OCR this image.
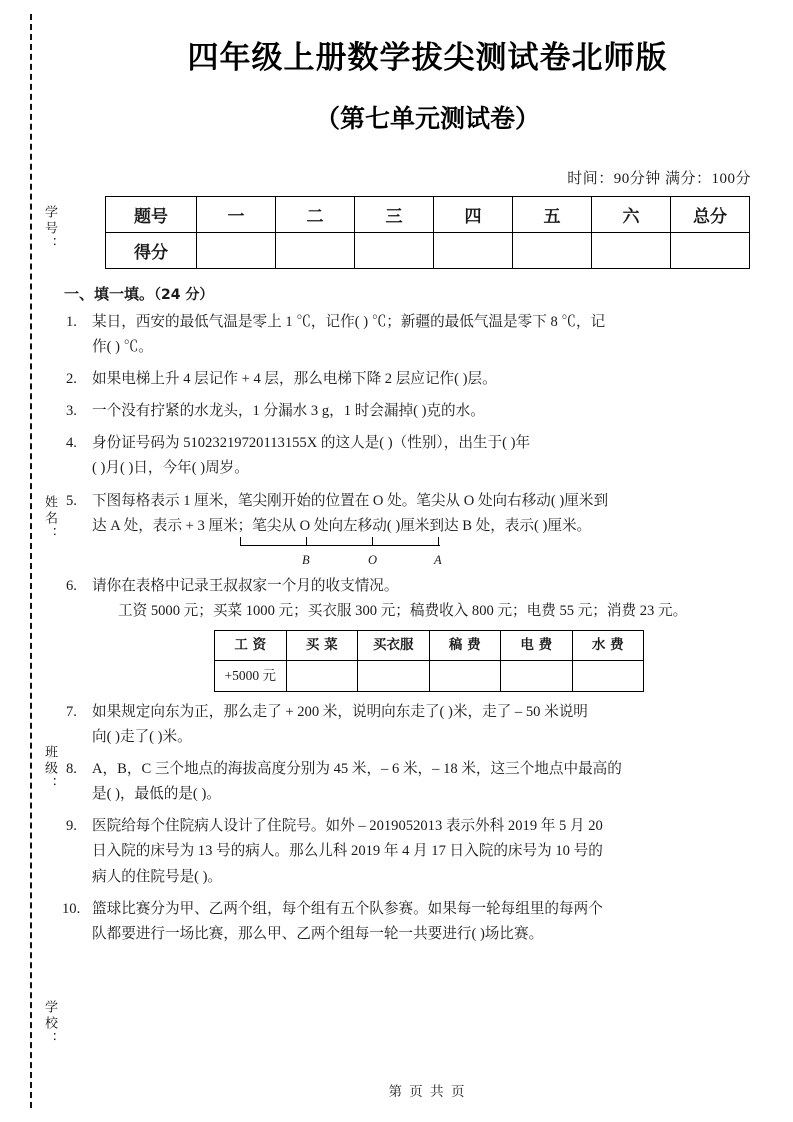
学号：
姓名：
班级：
学校：
四年级上册数学拔尖测试卷北师版
（第七单元测试卷）
时间：90分钟 满分：100分
题号	一	二	三	四	五	六	总分
得分							
一、填一填。（24 分）
1. 某日，西安的最低气温是零上 1 ℃，记作( ) ℃；新疆的最低气温是零下 8 ℃，记
作( ) ℃。
2. 如果电梯上升 4 层记作 + 4 层，那么电梯下降 2 层应记作( )层。
3. 一个没有拧紧的水龙头，1 分漏水 3 g，1 时会漏掉( )克的水。
4. 身份证号码为 51023219720113155X 的这人是( )（性别），出生于( )年
( )月( )日，今年( )周岁。
5. 下图每格表示 1 厘米，笔尖刚开始的位置在 O 处。笔尖从 O 处向右移动( )厘米到
达 A 处，表示 + 3 厘米；笔尖从 O 处向左移动( )厘米到达 B 处，表示( )厘米。
B	O	A
6. 请你在表格中记录王叔叔家一个月的收支情况。
工资 5000 元；买菜 1000 元；买衣服 300 元；稿费收入 800 元；电费 55 元；消费 23 元。
工 资	买 菜	买衣服	稿 费	电 费	水 费
+5000 元					
7. 如果规定向东为正，那么走了 + 200 米，说明向东走了( )米，走了 – 50 米说明
向( )走了( )米。
8. A，B，C 三个地点的海拔高度分别为 45 米，– 6 米，– 18 米，这三个地点中最高的
是( )，最低的是( )。
9. 医院给每个住院病人设计了住院号。如外 – 2019052013 表示外科 2019 年 5 月 20
日入院的床号为 13 号的病人。那么儿科 2019 年 4 月 17 日入院的床号为 10 号的
病人的住院号是( )。
10. 篮球比赛分为甲、乙两个组，每个组有五个队参赛。如果每一轮每组里的每两个
队都要进行一场比赛，那么甲、乙两个组每一轮一共要进行( )场比赛。
第 页 共 页
